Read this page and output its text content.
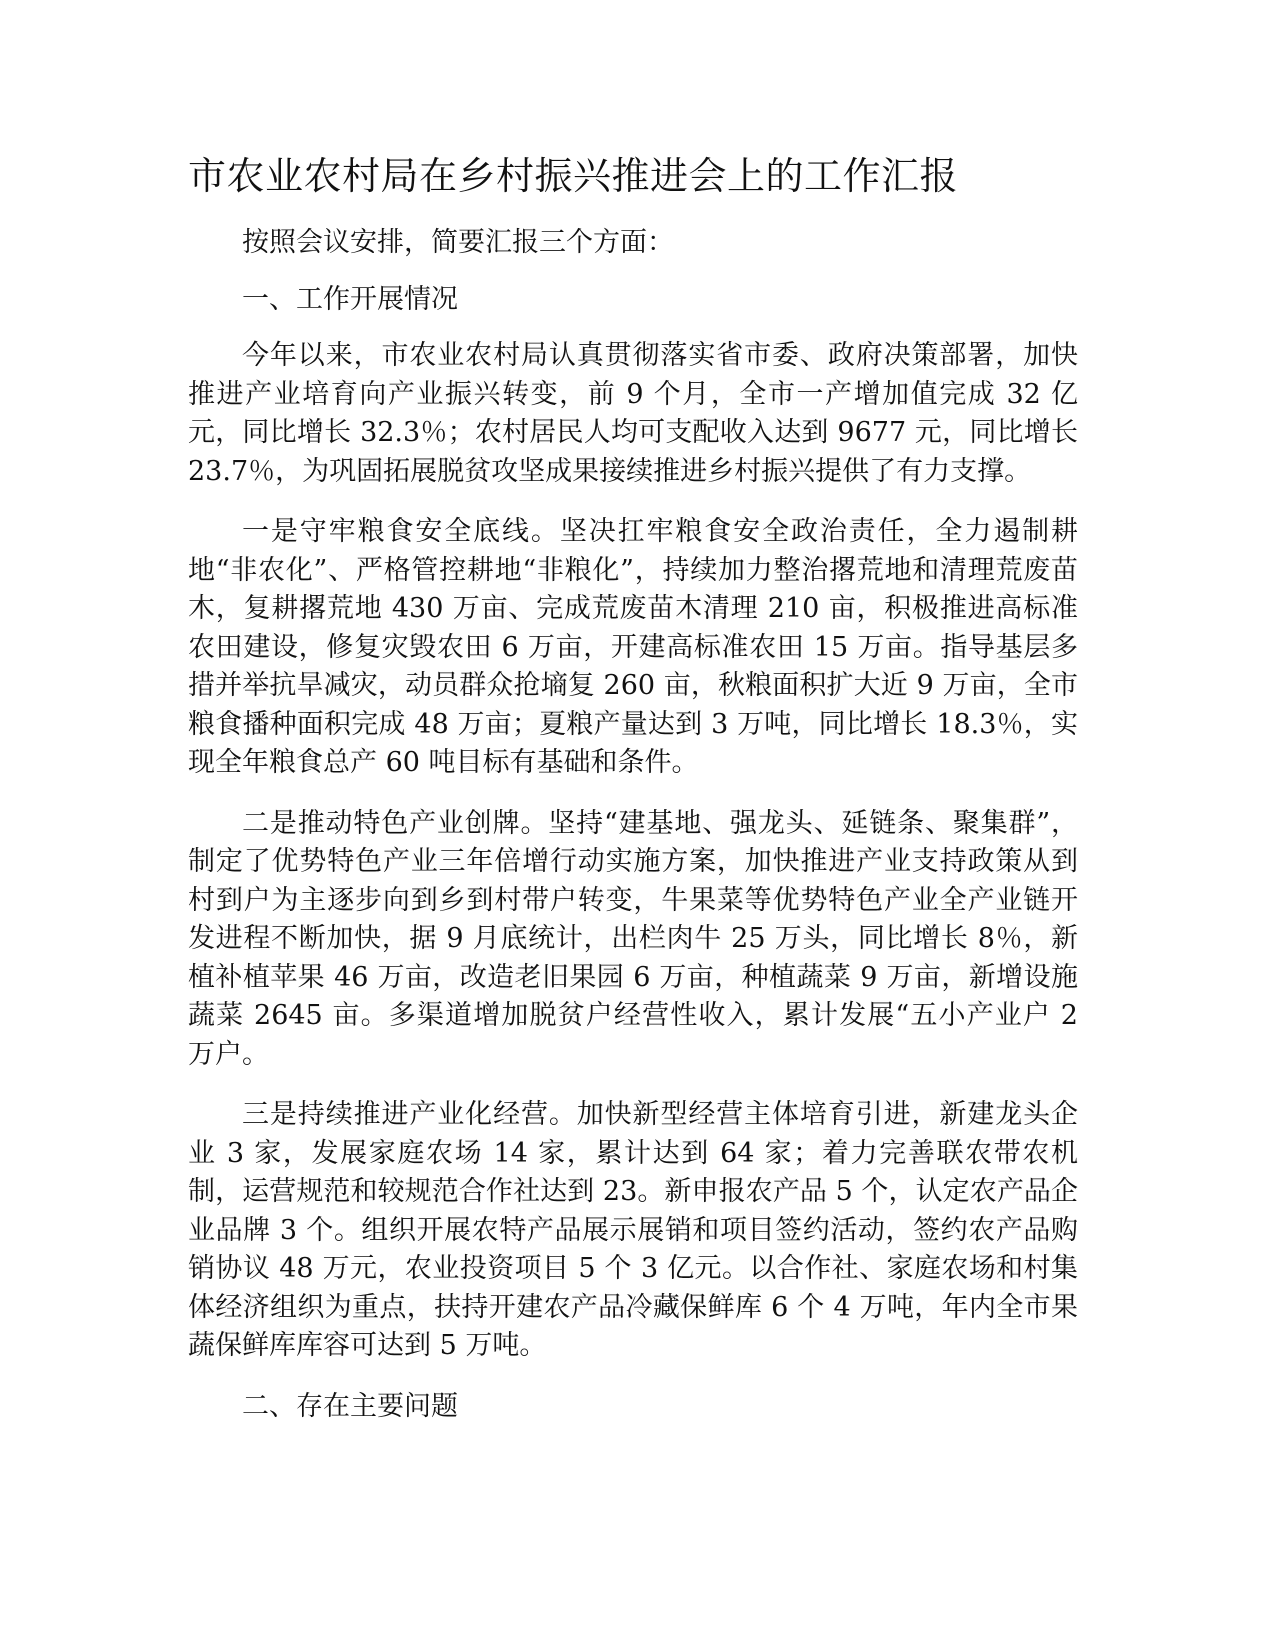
市农业农村局在乡村振兴推进会上的工作汇报

按照会议安排，简要汇报三个方面：

一、工作开展情况

今年以来，市农业农村局认真贯彻落实省市委、政府决策部署，加快推进产业培育向产业振兴转变，前 9 个月，全市一产增加值完成 32 亿元，同比增长 32.3％；农村居民人均可支配收入达到 9677 元，同比增长 23.7％，为巩固拓展脱贫攻坚成果接续推进乡村振兴提供了有力支撑。

一是守牢粮食安全底线。坚决扛牢粮食安全政治责任，全力遏制耕地“非农化”、严格管控耕地“非粮化”，持续加力整治撂荒地和清理荒废苗木，复耕撂荒地 430 万亩、完成荒废苗木清理 210 亩，积极推进高标准农田建设，修复灾毁农田 6 万亩，开建高标准农田 15 万亩。指导基层多措并举抗旱减灾，动员群众抢墒复 260 亩，秋粮面积扩大近 9 万亩，全市粮食播种面积完成 48 万亩；夏粮产量达到 3 万吨，同比增长 18.3％，实现全年粮食总产 60 吨目标有基础和条件。

二是推动特色产业创牌。坚持“建基地、强龙头、延链条、聚集群”，制定了优势特色产业三年倍增行动实施方案，加快推进产业支持政策从到村到户为主逐步向到乡到村带户转变，牛果菜等优势特色产业全产业链开发进程不断加快，据 9 月底统计，出栏肉牛 25 万头，同比增长 8％，新植补植苹果 46 万亩，改造老旧果园 6 万亩，种植蔬菜 9 万亩，新增设施蔬菜 2645 亩。多渠道增加脱贫户经营性收入，累计发展“五小产业户 2 万户。

三是持续推进产业化经营。加快新型经营主体培育引进，新建龙头企业 3 家，发展家庭农场 14 家，累计达到 64 家；着力完善联农带农机制，运营规范和较规范合作社达到 23。新申报农产品 5 个，认定农产品企业品牌 3 个。组织开展农特产品展示展销和项目签约活动，签约农产品购销协议 48 万元，农业投资项目 5 个 3 亿元。以合作社、家庭农场和村集体经济组织为重点，扶持开建农产品冷藏保鲜库 6 个 4 万吨，年内全市果蔬保鲜库库容可达到 5 万吨。

二、存在主要问题
